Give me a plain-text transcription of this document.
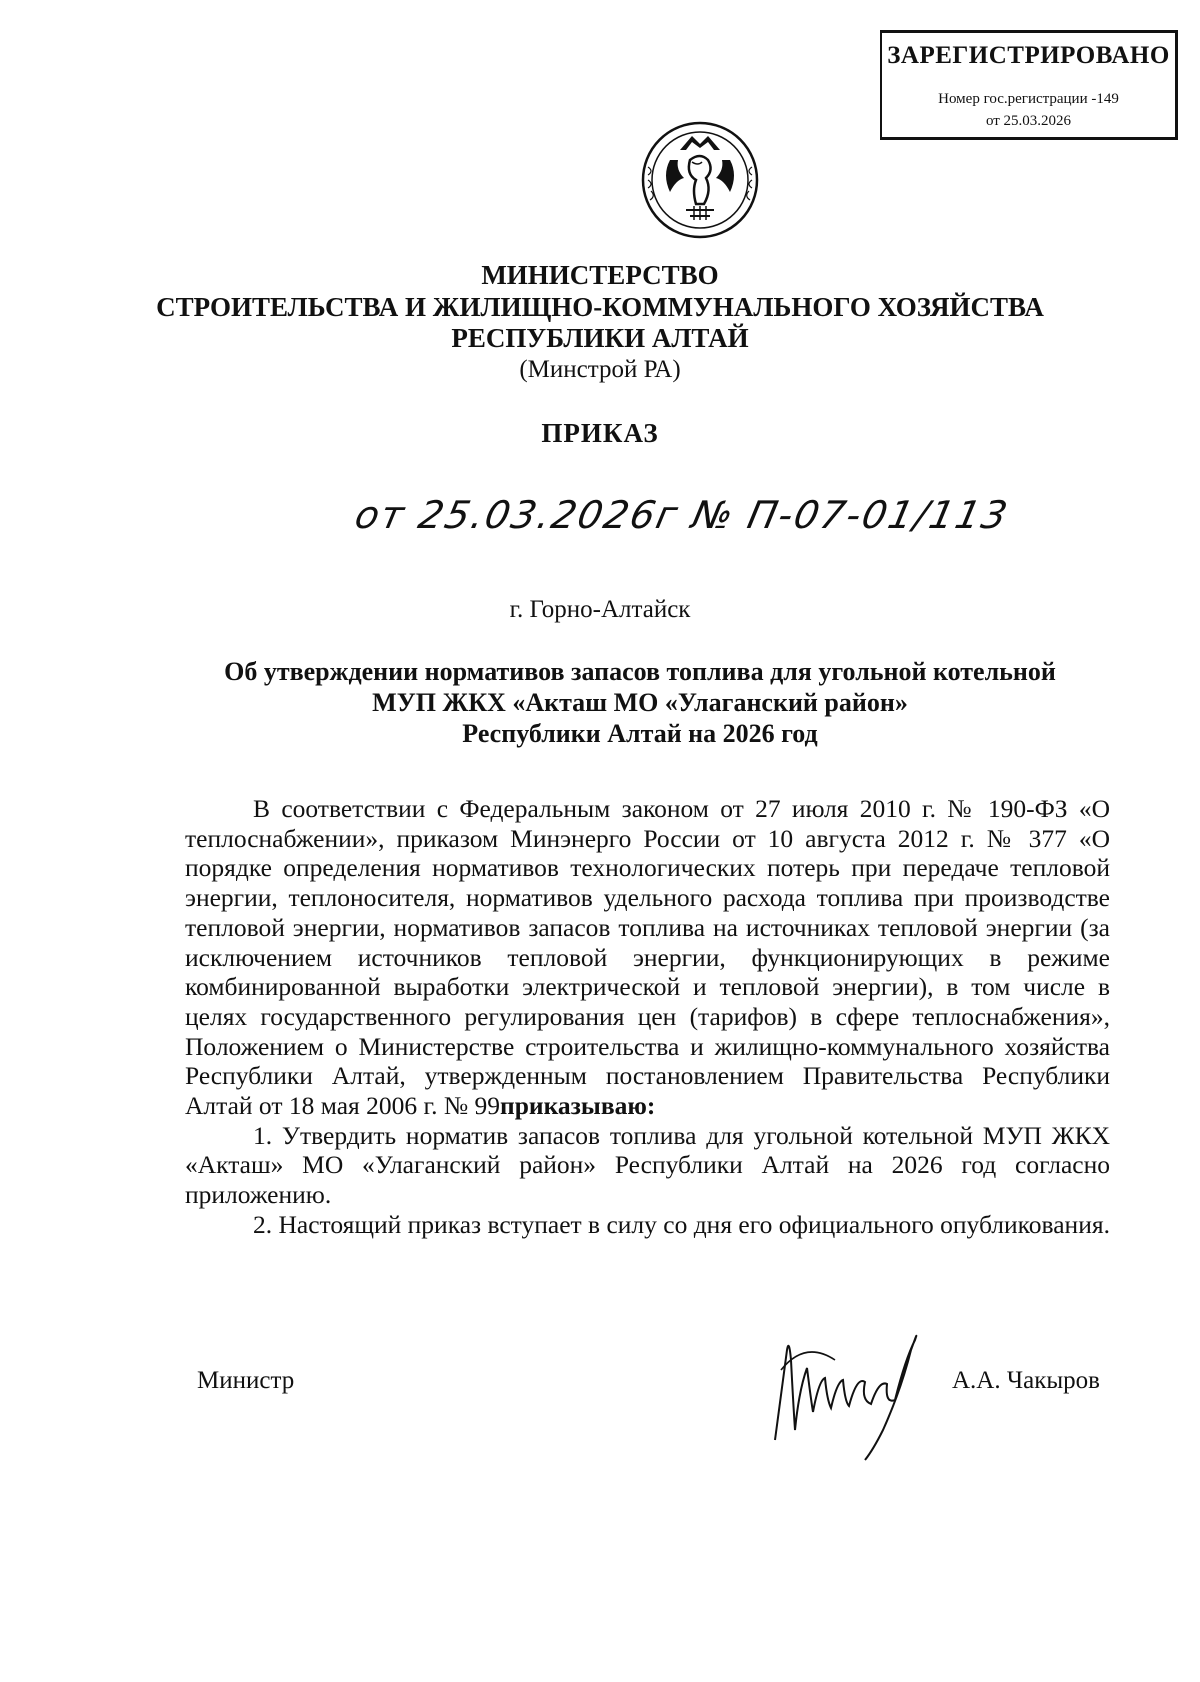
ЗАРЕГИСТРИРОВАНО
Номер гос.регистрации -149
от 25.03.2026
МИНИСТЕРСТВО
СТРОИТЕЛЬСТВА И ЖИЛИЩНО-КОММУНАЛЬНОГО ХОЗЯЙСТВА
РЕСПУБЛИКИ АЛТАЙ
(Минстрой РА)
ПРИКАЗ
от 25.03.2026г № П-07-01/113
г. Горно-Алтайск
Об утверждении нормативов запасов топлива для угольной котельной
МУП ЖКХ «Акташ МО «Улаганский район»
Республики Алтай на 2026 год

В соответствии с Федеральным законом от 27 июля 2010 г. № 190-ФЗ «О теплоснабжении», приказом Минэнерго России от 10 августа 2012 г. № 377 «О порядке определения нормативов технологических потерь при передаче тепловой энергии, теплоносителя, нормативов удельного расхода топлива при производстве тепловой энергии, нормативов запасов топлива на источниках тепловой энергии (за исключением источников тепловой энергии, функционирующих в режиме комбинированной выработки электрической и тепловой энергии), в том числе в целях государственного регулирования цен (тарифов) в сфере теплоснабжения», Положением о Министерстве строительства и жилищно-коммунального хозяйства Республики Алтай, утвержденным постановлением Правительства Республики Алтай от 18 мая 2006 г. № 99приказываю:

1. Утвердить норматив запасов топлива для угольной котельной МУП ЖКХ «Акташ» МО «Улаганский район» Республики Алтай на 2026 год согласно приложению.

2. Настоящий приказ вступает в силу со дня его официального опубликования.

Министр	А.А. Чакыров
